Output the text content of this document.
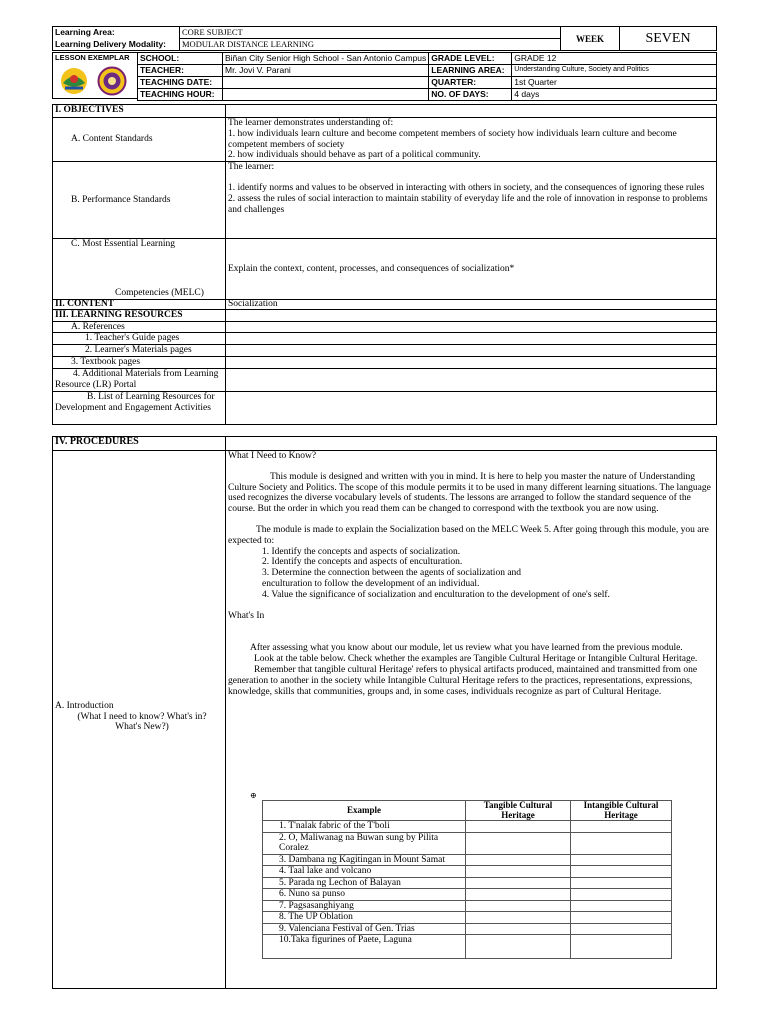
Learning Area:	CORE SUBJECT	WEEK	SEVEN
Learning Delivery Modality:	MODULAR DISTANCE LEARNING		
LESSON EXEMPLAR SCHOOL:	Biñan City Senior High School - San Antonio Campus	GRADE LEVEL:	GRADE 12
TEACHER:	Mr. Jovi V. Parani	LEARNING AREA:	Understanding Culture, Society and Politics
TEACHING DATE:		QUARTER:	1st Quarter
TEACHING HOUR:		NO. OF DAYS:	4 days
I. OBJECTIVES	
A. Content Standards	The learner demonstrates understanding of:
1. how individuals learn culture and become competent members of society how individuals learn culture and become competent members of society
2. how individuals should behave as part of a political community.

B. Performance Standards	The learner:
1. identify norms and values to be observed in interacting with others in society, and the consequences of ignoring these rules
2. assess the rules of social interaction to maintain stability of everyday life and the role of innovation in response to problems and challenges

C. Most Essential Learning
Competencies (MELC)	Explain the context, content, processes, and consequences of socialization*
II. CONTENT	Socialization
III. LEARNING RESOURCES	
A. References	
1. Teacher's Guide pages	
2. Learner's Materials pages	
3. Textbook pages	
4. Additional Materials from Learning Resource (LR) Portal	
B. List of Learning Resources for Development and Engagement Activities	
IV. PROCEDURES	

A. Introduction
(What I need to know? What's in? What's New?)

What I Need to Know?

This module is designed and written with you in mind. It is here to help you master the nature of Understanding Culture Society and Politics. The scope of this module permits it to be used in many different learning situations. The language used recognizes the diverse vocabulary levels of students. The lessons are arranged to follow the standard sequence of the course. But the order in which you read them can be changed to correspond with the textbook you are now using.

The module is made to explain the Socialization based on the MELC Week 5. After going through this module, you are expected to:

1. Identify the concepts and aspects of socialization.

2. Identify the concepts and aspects of enculturation.

3. Determine the connection between the agents of socialization and enculturation to follow the development of an individual.

4. Value the significance of socialization and enculturation to the development of one's self.

What's In

After assessing what you know about our module, let us review what you have learned from the previous module.

Look at the table below. Check whether the examples are Tangible Cultural Heritage or Intangible Cultural Heritage.

Remember that tangible cultural Heritage' refers to physical artifacts produced, maintained and transmitted from one generation to another in the society while Intangible Cultural Heritage refers to the practices, representations, expressions, knowledge, skills that communities, groups and, in some cases, individuals recognize as part of Cultural Heritage.

⊕
Example	Tangible Cultural Heritage	Intangible Cultural Heritage
1. T'nalak fabric of the T'boli		
2. O, Maliwanag na Buwan sung by Pilita Coralez		
3. Dambana ng Kagitingan in Mount Samat		
4. Taal lake and volcano		
5. Parada ng Lechon of Balayan		
6. Nuno sa punso		
7. Pagsasanghiyang		
8. The UP Oblation		
9. Valenciana Festival of Gen. Trias		
10.Taka figurines of Paete, Laguna		
